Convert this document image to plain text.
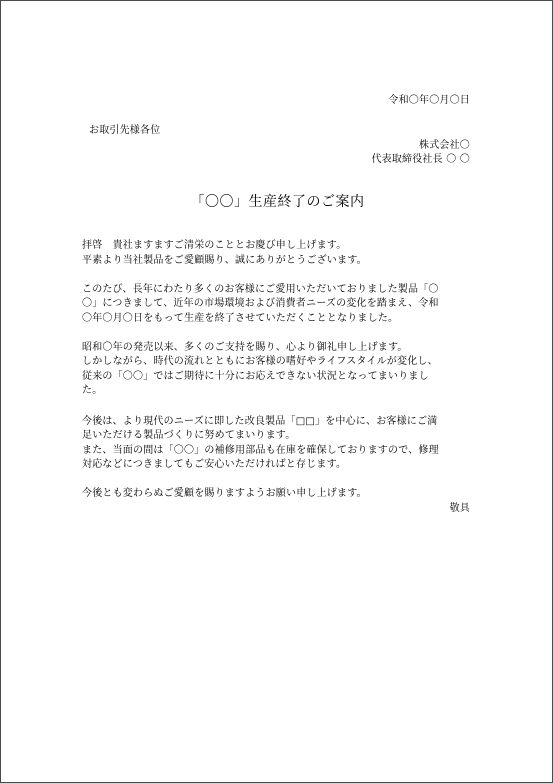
令和〇年〇月〇日
お取引先様各位
株式会社〇
代表取締役社長 〇 〇
「〇〇」生産終了のご案内
拝啓　貴社ますますご清栄のこととお慶び申し上げます。
平素より当社製品をご愛顧賜り、誠にありがとうございます。
このたび、長年にわたり多くのお客様にご愛用いただいておりました製品「〇
〇」につきまして、近年の市場環境および消費者ニーズの変化を踏まえ、令和
〇年〇月〇日をもって生産を終了させていただくこととなりました。
昭和〇年の発売以来、多くのご支持を賜り、心より御礼申し上げます。
しかしながら、時代の流れとともにお客様の嗜好やライフスタイルが変化し、
従来の「〇〇」ではご期待に十分にお応えできない状況となってまいりまし
た。
今後は、より現代のニーズに即した改良製品「□□」を中心に、お客様にご満
足いただける製品づくりに努めてまいります。
また、当面の間は「〇〇」の補修用部品も在庫を確保しておりますので、修理
対応などにつきましてもご安心いただければと存じます。
今後とも変わらぬご愛顧を賜りますようお願い申し上げます。
敬具
